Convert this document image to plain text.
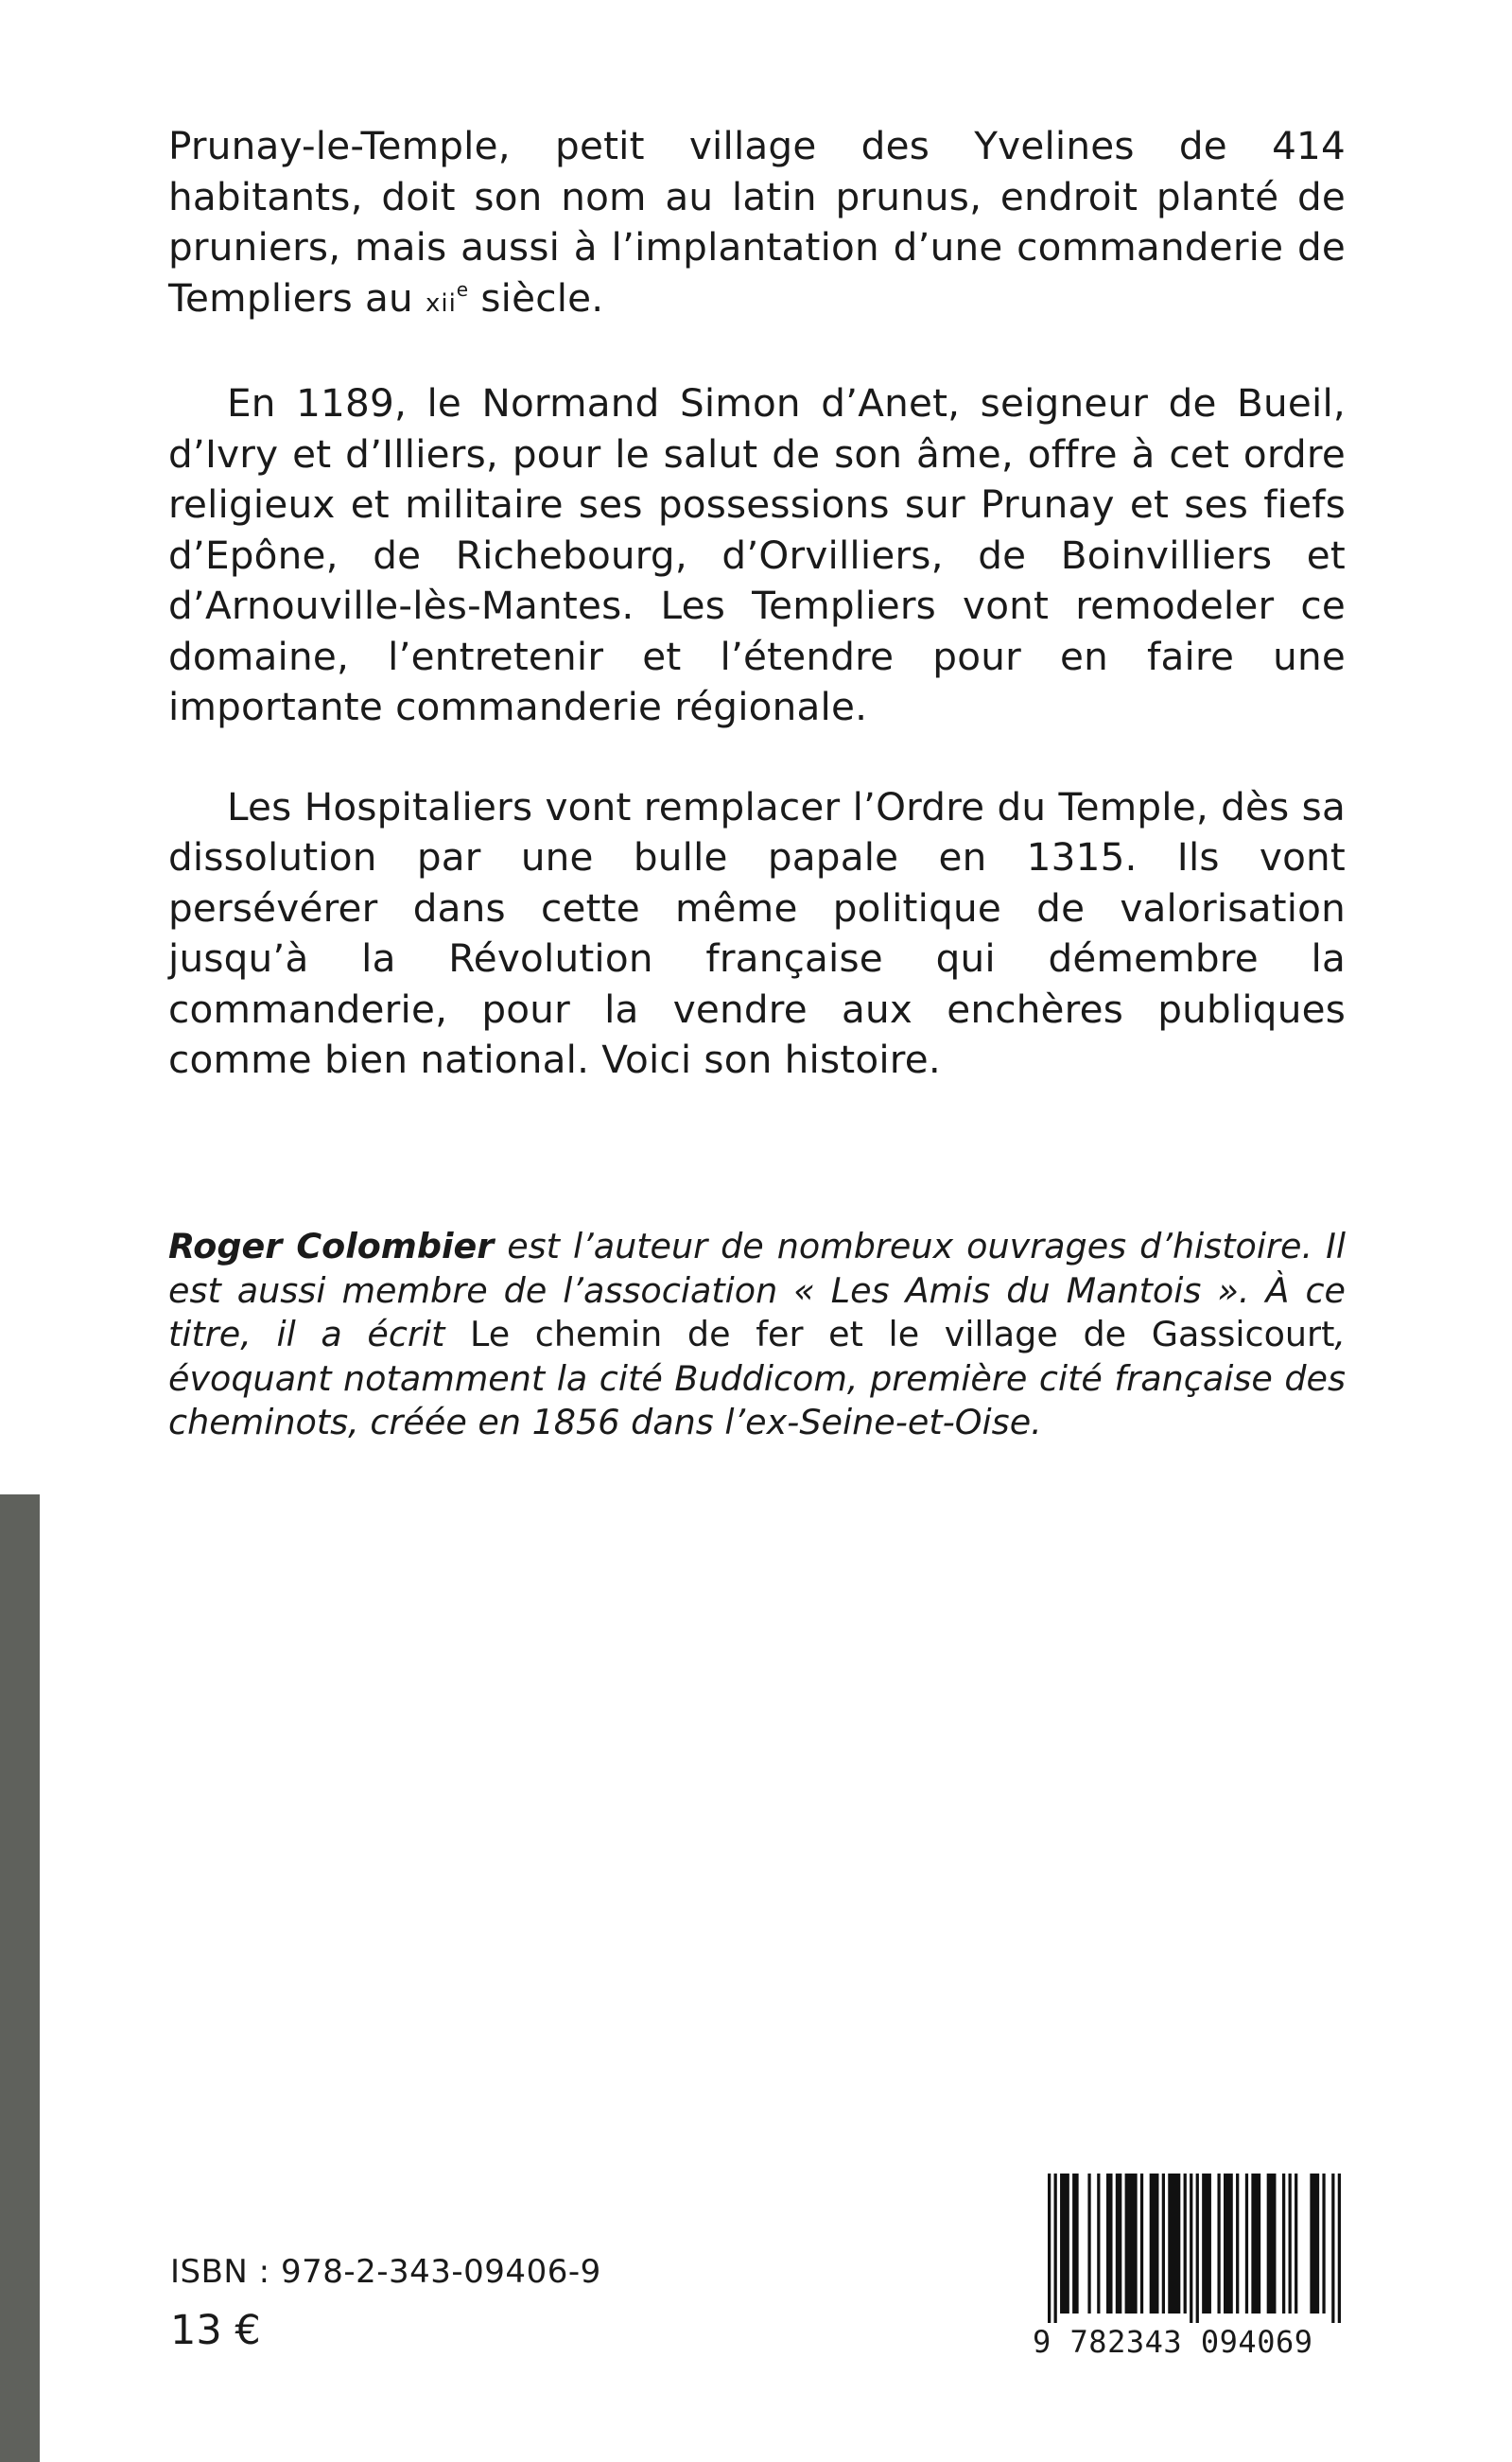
Prunay-le-Temple, petit village des Yvelines de 414 habitants, doit son nom au latin prunus, endroit planté de pruniers, mais aussi à l’implantation d’une commanderie de Templiers au xii$^e$ siècle.

En 1189, le Normand Simon d’Anet, seigneur de Bueil, d’Ivry et d’Illiers, pour le salut de son âme, offre à cet ordre religieux et militaire ses possessions sur Prunay et ses fiefs d’Epône, de Richebourg, d’Orvilliers, de Boinvilliers et d’Arnouville-lès-Mantes. Les Templiers vont remodeler ce domaine, l’entretenir et l’étendre pour en faire une importante commanderie régionale.

Les Hospitaliers vont remplacer l’Ordre du Temple, dès sa dissolution par une bulle papale en 1315. Ils vont persévérer dans cette même politique de valorisation jusqu’à la Révolution française qui démembre la commanderie, pour la vendre aux enchères publiques comme bien national. Voici son histoire.

Roger Colombier est l’auteur de nombreux ouvrages d’histoire. Il est aussi membre de l’association « Les Amis du Mantois ». À ce titre, il a écrit Le chemin de fer et le village de Gassicourt, évoquant notamment la cité Buddicom, première cité française des cheminots, créée en 1856 dans l’ex-Seine-et-Oise.

ISBN : 978-2-343-09406-9
13 €	9 782343 094069
